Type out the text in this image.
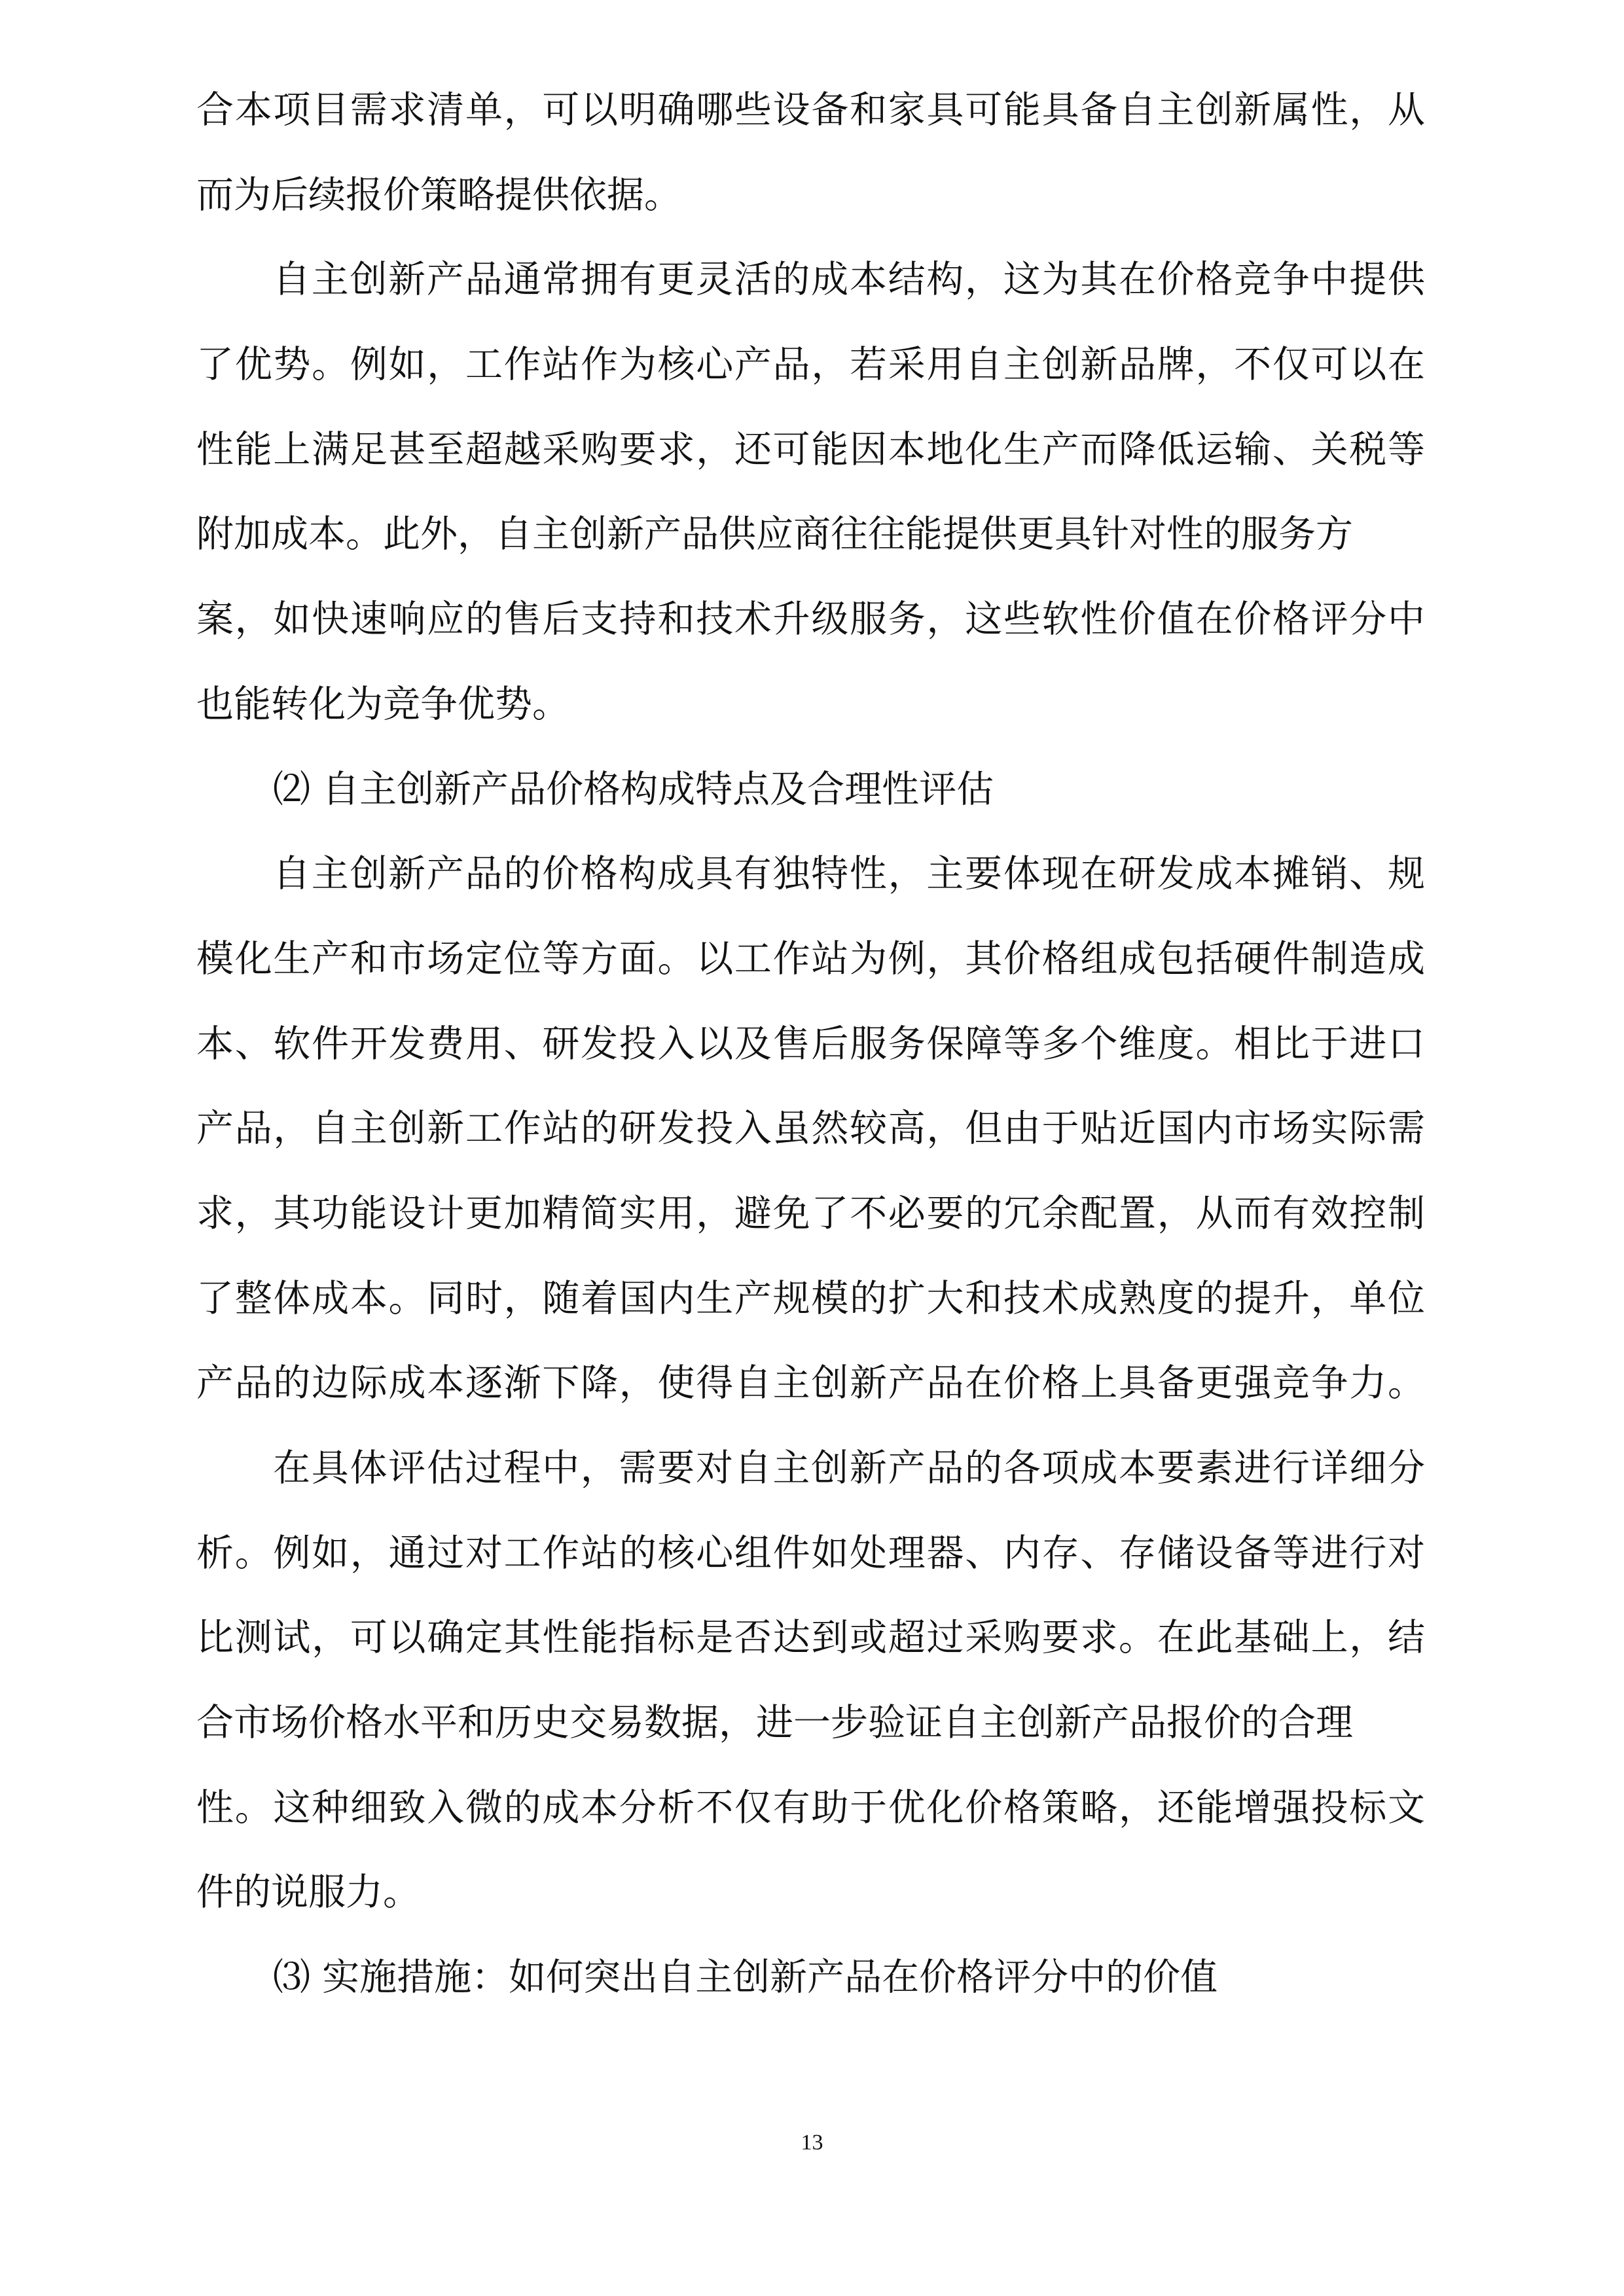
合本项目需求清单，可以明确哪些设备和家具可能具备自主创新属性，从
而为后续报价策略提供依据。
自主创新产品通常拥有更灵活的成本结构，这为其在价格竞争中提供
了优势。例如，工作站作为核心产品，若采用自主创新品牌，不仅可以在
性能上满足甚至超越采购要求，还可能因本地化生产而降低运输、关税等
附加成本。此外，自主创新产品供应商往往能提供更具针对性的服务方
案，如快速响应的售后支持和技术升级服务，这些软性价值在价格评分中
也能转化为竞争优势。
⑵ 自主创新产品价格构成特点及合理性评估
自主创新产品的价格构成具有独特性，主要体现在研发成本摊销、规
模化生产和市场定位等方面。以工作站为例，其价格组成包括硬件制造成
本、软件开发费用、研发投入以及售后服务保障等多个维度。相比于进口
产品，自主创新工作站的研发投入虽然较高，但由于贴近国内市场实际需
求，其功能设计更加精简实用，避免了不必要的冗余配置，从而有效控制
了整体成本。同时，随着国内生产规模的扩大和技术成熟度的提升，单位
产品的边际成本逐渐下降，使得自主创新产品在价格上具备更强竞争力。
在具体评估过程中，需要对自主创新产品的各项成本要素进行详细分
析。例如，通过对工作站的核心组件如处理器、内存、存储设备等进行对
比测试，可以确定其性能指标是否达到或超过采购要求。在此基础上，结
合市场价格水平和历史交易数据，进一步验证自主创新产品报价的合理
性。这种细致入微的成本分析不仅有助于优化价格策略，还能增强投标文
件的说服力。
⑶ 实施措施：如何突出自主创新产品在价格评分中的价值
13
